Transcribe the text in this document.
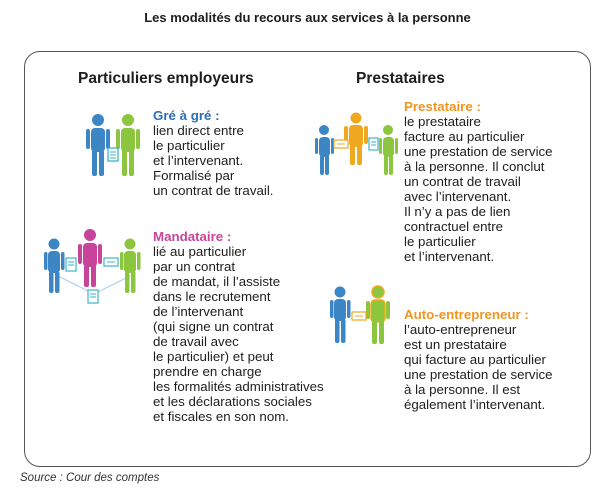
Les modalités du recours aux services à la personne
Particuliers employeurs	Prestataires
Gré à gré :
lien direct entre
le particulier
et l’intervenant.
Formalisé par
un contrat de travail.
Mandataire :
lié au particulier
par un contrat
de mandat, il l’assiste
dans le recrutement
de l’intervenant
(qui signe un contrat
de travail avec
le particulier) et peut
prendre en charge
les formalités administratives
et les déclarations sociales
et fiscales en son nom.
Prestataire :
le prestataire
facture au particulier
une prestation de service
à la personne. Il conclut
un contrat de travail
avec l’intervenant.
Il n’y a pas de lien
contractuel entre
le particulier
et l’intervenant.
Auto-entrepreneur :
l’auto-entrepreneur
est un prestataire
qui facture au particulier
une prestation de service
à la personne. Il est
également l’intervenant.
Source : Cour des comptes
